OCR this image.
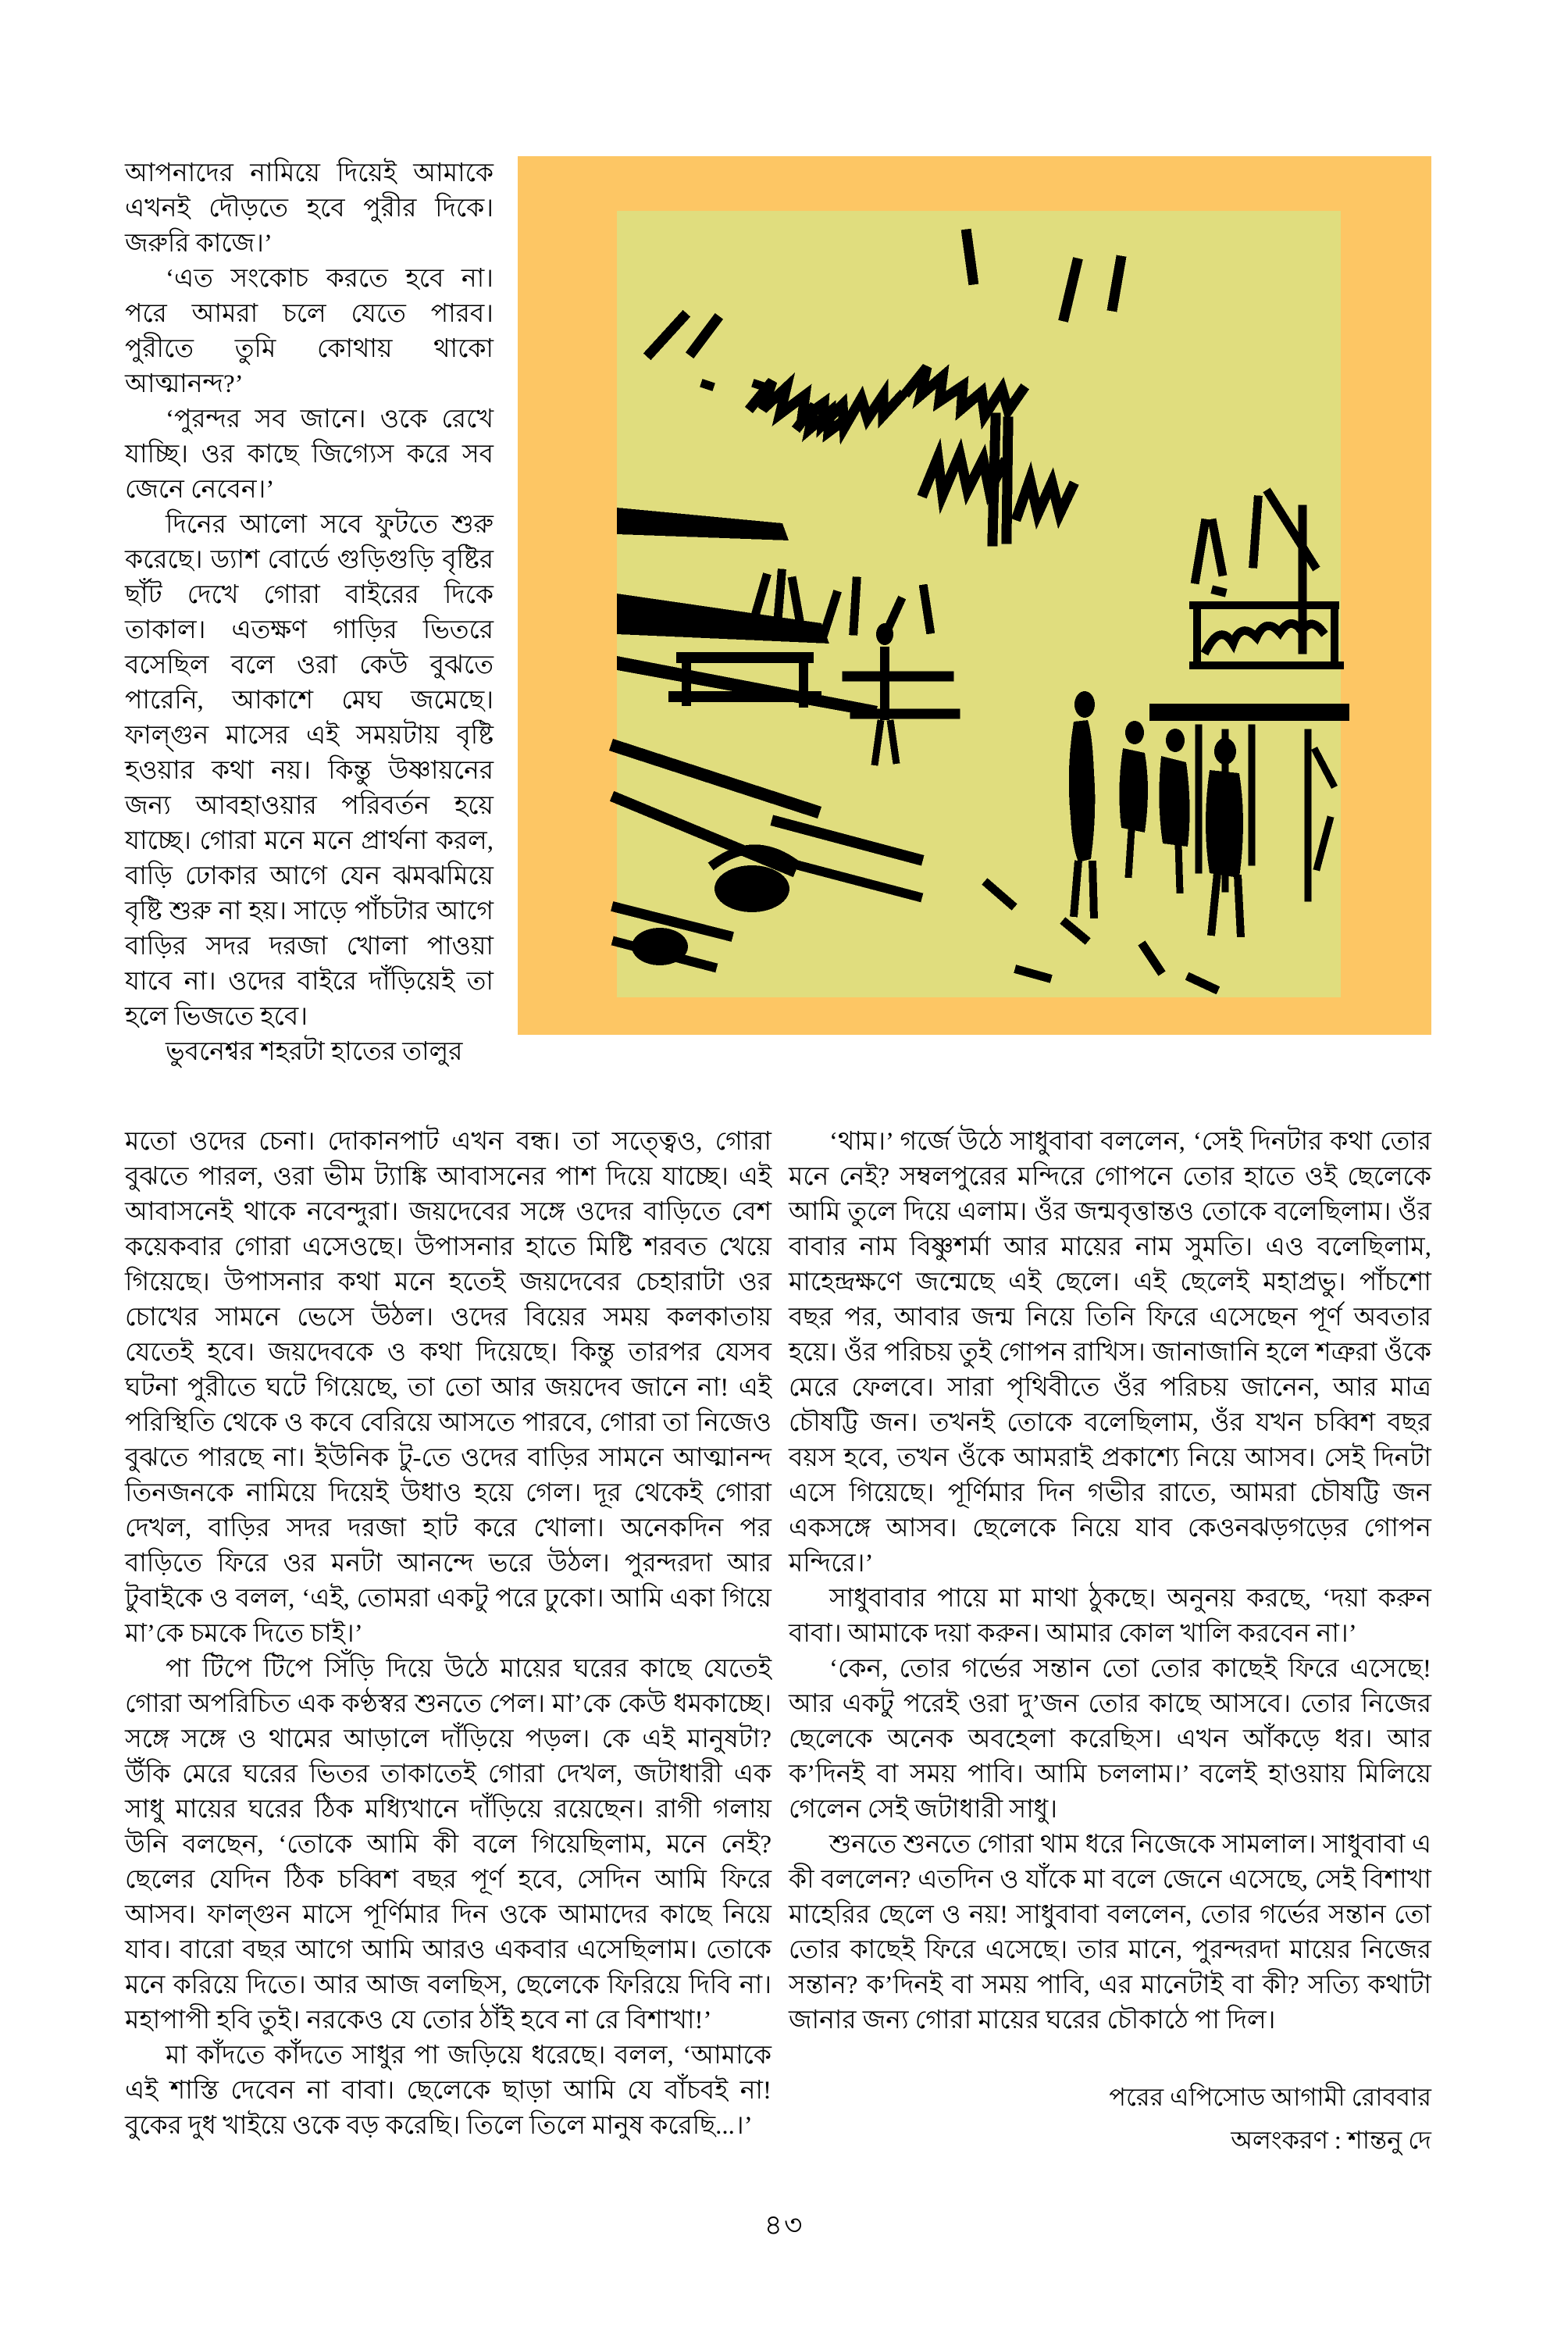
আপনাদের নামিয়ে দিয়েই আমাকে এখনই দৌড়তে হবে পুরীর দিকে। জরুরি কাজে।’

‘এত সংকোচ করতে হবে না। পরে আমরা চলে যেতে পারব। পুরীতে তুমি কোথায় থাকো আত্মানন্দ?’

‘পুরন্দর সব জানে। ওকে রেখে যাচ্ছি। ওর কাছে জিগ্যেস করে সব জেনে নেবেন।’

দিনের আলো সবে ফুটতে শুরু করেছে। ড্যাশ বোর্ডে গুড়িগুড়ি বৃষ্টির ছাঁট দেখে গোরা বাইরের দিকে তাকাল। এতক্ষণ গাড়ির ভিতরে বসেছিল বলে ওরা কেউ বুঝতে পারেনি, আকাশে মেঘ জমেছে। ফাল্গুন মাসের এই সময়টায় বৃষ্টি হওয়ার কথা নয়। কিন্তু উষ্ণায়নের জন্য আবহাওয়ার পরিবর্তন হয়ে যাচ্ছে। গোরা মনে মনে প্রার্থনা করল, বাড়ি ঢোকার আগে যেন ঝমঝমিয়ে বৃষ্টি শুরু না হয়। সাড়ে পাঁচটার আগে বাড়ির সদর দরজা খোলা পাওয়া যাবে না। ওদের বাইরে দাঁড়িয়েই তা হলে ভিজতে হবে।

ভুবনেশ্বর শহরটা হাতের তালুর

মতো ওদের চেনা। দোকানপাট এখন বন্ধ। তা সত্ত্বেও, গোরা বুঝতে পারল, ওরা ভীম ট্যাঙ্কি আবাসনের পাশ দিয়ে যাচ্ছে। এই আবাসনেই থাকে নবেন্দুরা। জয়দেবের সঙ্গে ওদের বাড়িতে বেশ কয়েকবার গোরা এসেওছে। উপাসনার হাতে মিষ্টি শরবত খেয়ে গিয়েছে। উপাসনার কথা মনে হতেই জয়দেবের চেহারাটা ওর চোখের সামনে ভেসে উঠল। ওদের বিয়ের সময় কলকাতায় যেতেই হবে। জয়দেবকে ও কথা দিয়েছে। কিন্তু তারপর যেসব ঘটনা পুরীতে ঘটে গিয়েছে, তা তো আর জয়দেব জানে না! এই পরিস্থিতি থেকে ও কবে বেরিয়ে আসতে পারবে, গোরা তা নিজেও বুঝতে পারছে না। ইউনিক টু-তে ওদের বাড়ির সামনে আত্মানন্দ তিনজনকে নামিয়ে দিয়েই উধাও হয়ে গেল। দূর থেকেই গোরা দেখল, বাড়ির সদর দরজা হাট করে খোলা। অনেকদিন পর বাড়িতে ফিরে ওর মনটা আনন্দে ভরে উঠল। পুরন্দরদা আর টুবাইকে ও বলল, ‘এই, তোমরা একটু পরে ঢুকো। আমি একা গিয়ে মা’কে চমকে দিতে চাই।’

পা টিপে টিপে সিঁড়ি দিয়ে উঠে মায়ের ঘরের কাছে যেতেই গোরা অপরিচিত এক কণ্ঠস্বর শুনতে পেল। মা’কে কেউ ধমকাচ্ছে। সঙ্গে সঙ্গে ও থামের আড়ালে দাঁড়িয়ে পড়ল। কে এই মানুষটা? উঁকি মেরে ঘরের ভিতর তাকাতেই গোরা দেখল, জটাধারী এক সাধু মায়ের ঘরের ঠিক মধ্যিখানে দাঁড়িয়ে রয়েছেন। রাগী গলায় উনি বলছেন, ‘তোকে আমি কী বলে গিয়েছিলাম, মনে নেই? ছেলের যেদিন ঠিক চব্বিশ বছর পূর্ণ হবে, সেদিন আমি ফিরে আসব। ফাল্গুন মাসে পূর্ণিমার দিন ওকে আমাদের কাছে নিয়ে যাব। বারো বছর আগে আমি আরও একবার এসেছিলাম। তোকে মনে করিয়ে দিতে। আর আজ বলছিস, ছেলেকে ফিরিয়ে দিবি না। মহাপাপী হবি তুই। নরকেও যে তোর ঠাঁই হবে না রে বিশাখা!’

মা কাঁদতে কাঁদতে সাধুর পা জড়িয়ে ধরেছে। বলল, ‘আমাকে এই শাস্তি দেবেন না বাবা। ছেলেকে ছাড়া আমি যে বাঁচবই না! বুকের দুধ খাইয়ে ওকে বড় করেছি। তিলে তিলে মানুষ করেছি...।’

‘থাম।’ গর্জে উঠে সাধুবাবা বললেন, ‘সেই দিনটার কথা তোর মনে নেই? সম্বলপুরের মন্দিরে গোপনে তোর হাতে ওই ছেলেকে আমি তুলে দিয়ে এলাম। ওঁর জন্মবৃত্তান্তও তোকে বলেছিলাম। ওঁর বাবার নাম বিষ্ণুশর্মা আর মায়ের নাম সুমতি। এও বলেছিলাম, মাহেন্দ্রক্ষণে জন্মেছে এই ছেলে। এই ছেলেই মহাপ্রভু। পাঁচশো বছর পর, আবার জন্ম নিয়ে তিনি ফিরে এসেছেন পূর্ণ অবতার হয়ে। ওঁর পরিচয় তুই গোপন রাখিস। জানাজানি হলে শত্রুরা ওঁকে মেরে ফেলবে। সারা পৃথিবীতে ওঁর পরিচয় জানেন, আর মাত্র চৌষট্টি জন। তখনই তোকে বলেছিলাম, ওঁর যখন চব্বিশ বছর বয়স হবে, তখন ওঁকে আমরাই প্রকাশ্যে নিয়ে আসব। সেই দিনটা এসে গিয়েছে। পূর্ণিমার দিন গভীর রাতে, আমরা চৌষট্টি জন একসঙ্গে আসব। ছেলেকে নিয়ে যাব কেওনঝড়গড়ের গোপন মন্দিরে।’

সাধুবাবার পায়ে মা মাথা ঠুকছে। অনুনয় করছে, ‘দয়া করুন বাবা। আমাকে দয়া করুন। আমার কোল খালি করবেন না।’

‘কেন, তোর গর্ভের সন্তান তো তোর কাছেই ফিরে এসেছে! আর একটু পরেই ওরা দু’জন তোর কাছে আসবে। তোর নিজের ছেলেকে অনেক অবহেলা করেছিস। এখন আঁকড়ে ধর। আর ক’দিনই বা সময় পাবি। আমি চললাম।’ বলেই হাওয়ায় মিলিয়ে গেলেন সেই জটাধারী সাধু।

শুনতে শুনতে গোরা থাম ধরে নিজেকে সামলাল। সাধুবাবা এ কী বললেন? এতদিন ও যাঁকে মা বলে জেনে এসেছে, সেই বিশাখা মাহেরির ছেলে ও নয়! সাধুবাবা বললেন, তোর গর্ভের সন্তান তো তোর কাছেই ফিরে এসেছে। তার মানে, পুরন্দরদা মায়ের নিজের সন্তান? ক’দিনই বা সময় পাবি, এর মানেটাই বা কী? সত্যি কথাটা জানার জন্য গোরা মায়ের ঘরের চৌকাঠে পা দিল।

পরের এপিসোড আগামী রোববার
অলংকরণ : শান্তনু দে
৪৩
